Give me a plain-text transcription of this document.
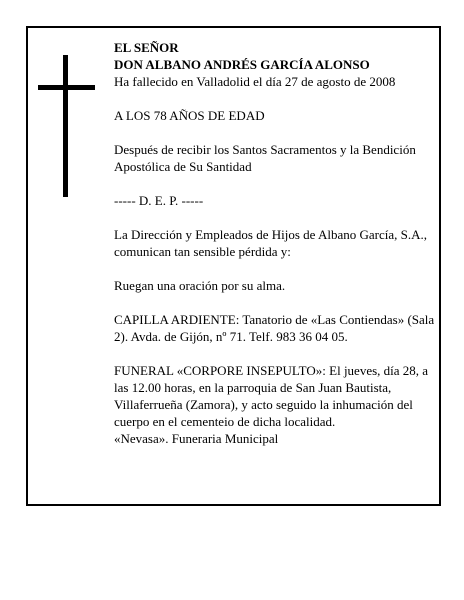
EL SEÑOR

DON ALBANO ANDRÉS GARCÍA ALONSO

Ha fallecido en Valladolid el día 27 de agosto de 2008

A LOS 78 AÑOS DE EDAD

Después de recibir los Santos Sacramentos y la Bendición Apostólica de Su Santidad

----- D. E. P. -----

La Dirección y Empleados de Hijos de Albano García, S.A., comunican tan sensible pérdida y:

Ruegan una oración por su alma.

CAPILLA ARDIENTE: Tanatorio de «Las Contiendas» (Sala 2). Avda. de Gijón, nº 71. Telf. 983 36 04 05.

FUNERAL «CORPORE INSEPULTO»: El jueves, día 28, a las 12.00 horas, en la parroquia de San Juan Bautista, Villaferrueña (Zamora), y acto seguido la inhumación del cuerpo en el cementeio de dicha localidad.

«Nevasa». Funeraria Municipal
